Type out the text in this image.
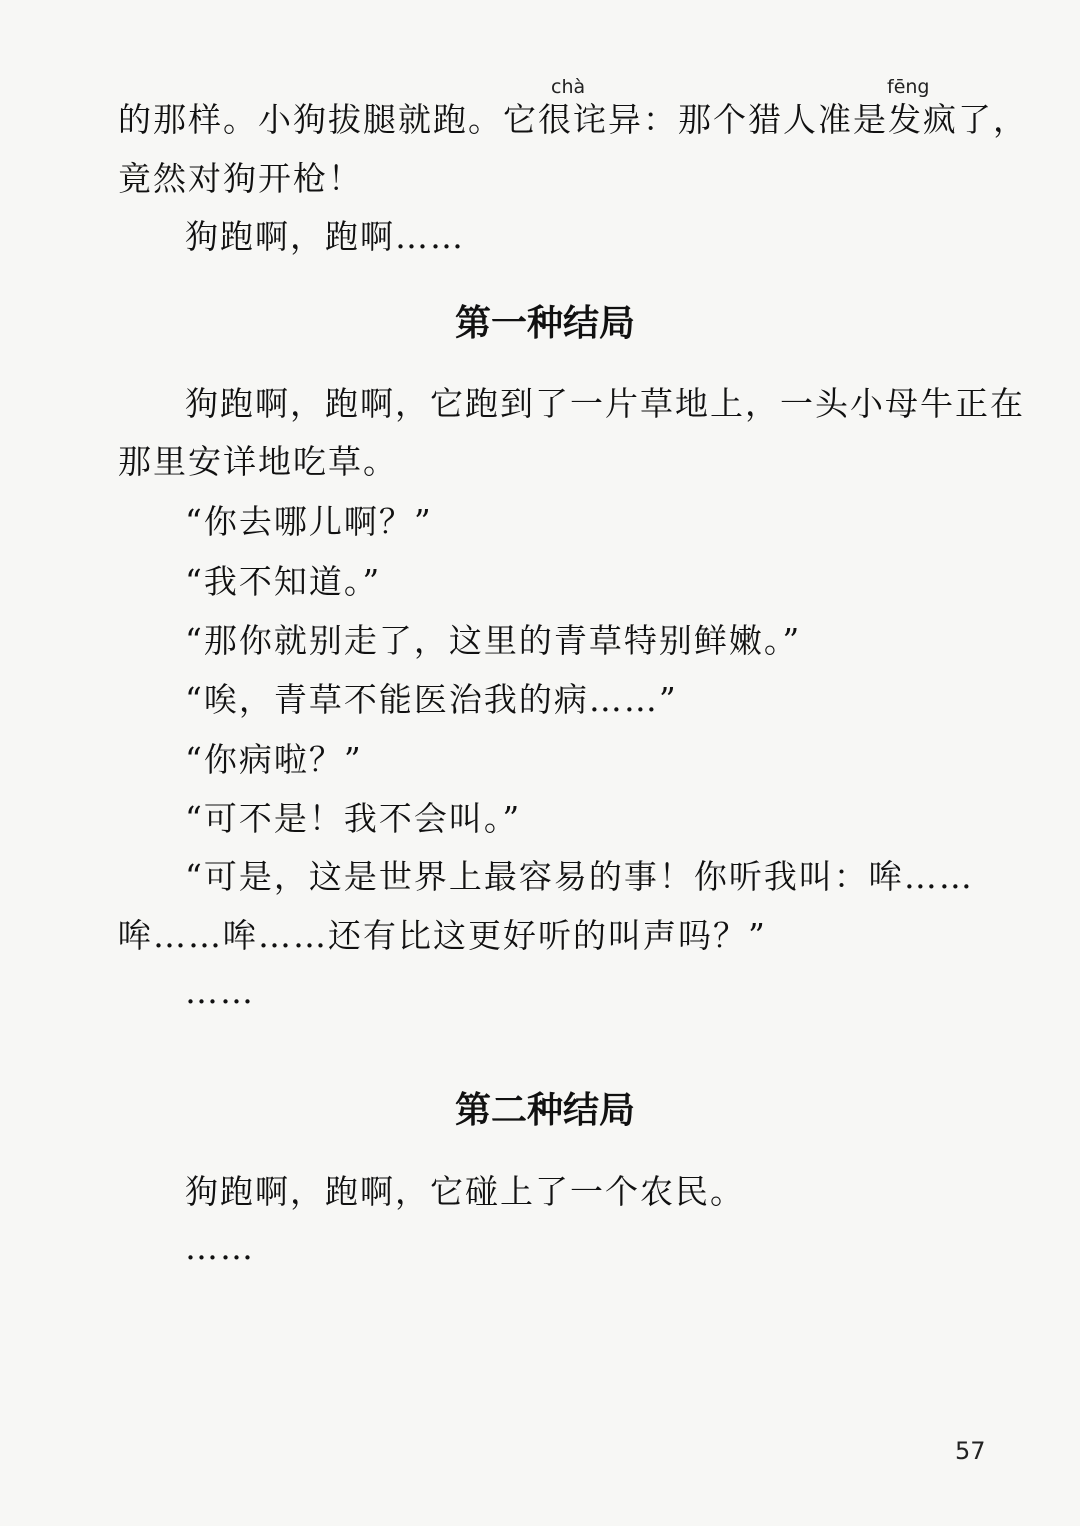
chà	fēng
的那样。小狗拔腿就跑。它很诧异：那个猎人准是发疯了，
竟然对狗开枪！
狗跑啊，跑啊……
第一种结局
狗跑啊，跑啊，它跑到了一片草地上，一头小母牛正在
那里安详地吃草。
“你去哪儿啊？”
“我不知道。”
“那你就别走了，这里的青草特别鲜嫩。”
“唉，青草不能医治我的病……”
“你病啦？”
“可不是！我不会叫。”
“可是，这是世界上最容易的事！你听我叫：哞……
哞……哞……还有比这更好听的叫声吗？”
……
第二种结局
狗跑啊，跑啊，它碰上了一个农民。
……
57
